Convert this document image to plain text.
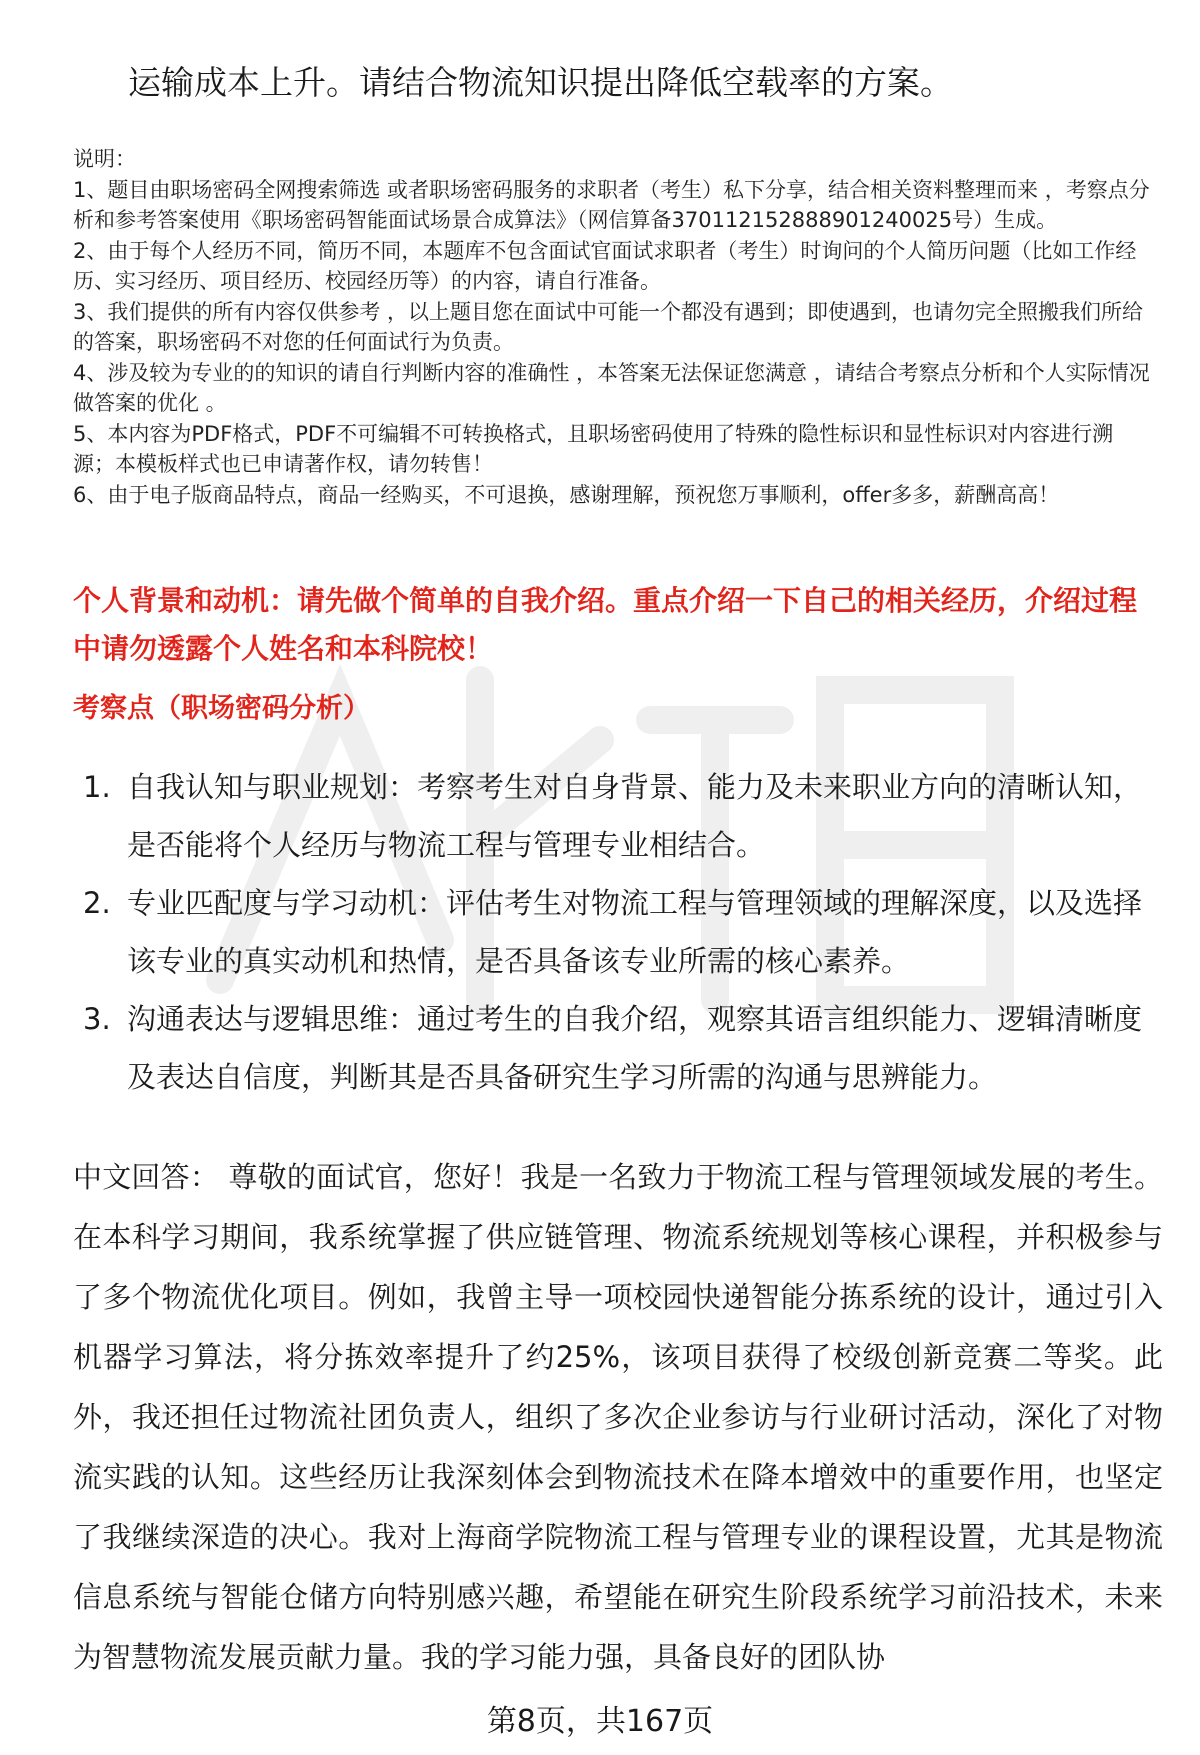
运输成本上升。请结合物流知识提出降低空载率的方案。

说明：

1、题目由职场密码全网搜索筛选 或者职场密码服务的求职者（考生）私下分享，结合相关资料整理而来 ，考察点分析和参考答案使用《职场密码智能面试场景合成算法》（网信算备370112152888901240025号）生成。

2、由于每个人经历不同，简历不同，本题库不包含面试官面试求职者（考生）时询问的个人简历问题（比如工作经历、实习经历、项目经历、校园经历等）的内容，请自行准备。

3、我们提供的所有内容仅供参考 ，以上题目您在面试中可能一个都没有遇到；即使遇到，也请勿完全照搬我们所给的答案，职场密码不对您的任何面试行为负责。

4、涉及较为专业的的知识的请自行判断内容的准确性 ，本答案无法保证您满意 ，请结合考察点分析和个人实际情况做答案的优化 。

5、本内容为PDF格式，PDF不可编辑不可转换格式，且职场密码使用了特殊的隐性标识和显性标识对内容进行溯源；本模板样式也已申请著作权，请勿转售！

6、由于电子版商品特点，商品一经购买，不可退换，感谢理解，预祝您万事顺利，offer多多，薪酬高高！

个人背景和动机：请先做个简单的自我介绍。重点介绍一下自己的相关经历，介绍过程中请勿透露个人姓名和本科院校！
考察点（职场密码分析）
1. 自我认知与职业规划：考察考生对自身背景、能力及未来职业方向的清晰认知，是否能将个人经历与物流工程与管理专业相结合。
2. 专业匹配度与学习动机：评估考生对物流工程与管理领域的理解深度，以及选择该专业的真实动机和热情，是否具备该专业所需的核心素养。
3. 沟通表达与逻辑思维：通过考生的自我介绍，观察其语言组织能力、逻辑清晰度及表达自信度，判断其是否具备研究生学习所需的沟通与思辨能力。

中文回答： 尊敬的面试官，您好！我是一名致力于物流工程与管理领域发展的考生。在本科学习期间，我系统掌握了供应链管理、物流系统规划等核心课程，并积极参与了多个物流优化项目。例如，我曾主导一项校园快递智能分拣系统的设计，通过引入机器学习算法，将分拣效率提升了约25%，该项目获得了校级创新竞赛二等奖。此外，我还担任过物流社团负责人，组织了多次企业参访与行业研讨活动，深化了对物流实践的认知。这些经历让我深刻体会到物流技术在降本增效中的重要作用，也坚定了我继续深造的决心。我对上海商学院物流工程与管理专业的课程设置，尤其是物流信息系统与智能仓储方向特别感兴趣，希望能在研究生阶段系统学习前沿技术，未来为智慧物流发展贡献力量。我的学习能力强，具备良好的团队协

第8页，共167页
